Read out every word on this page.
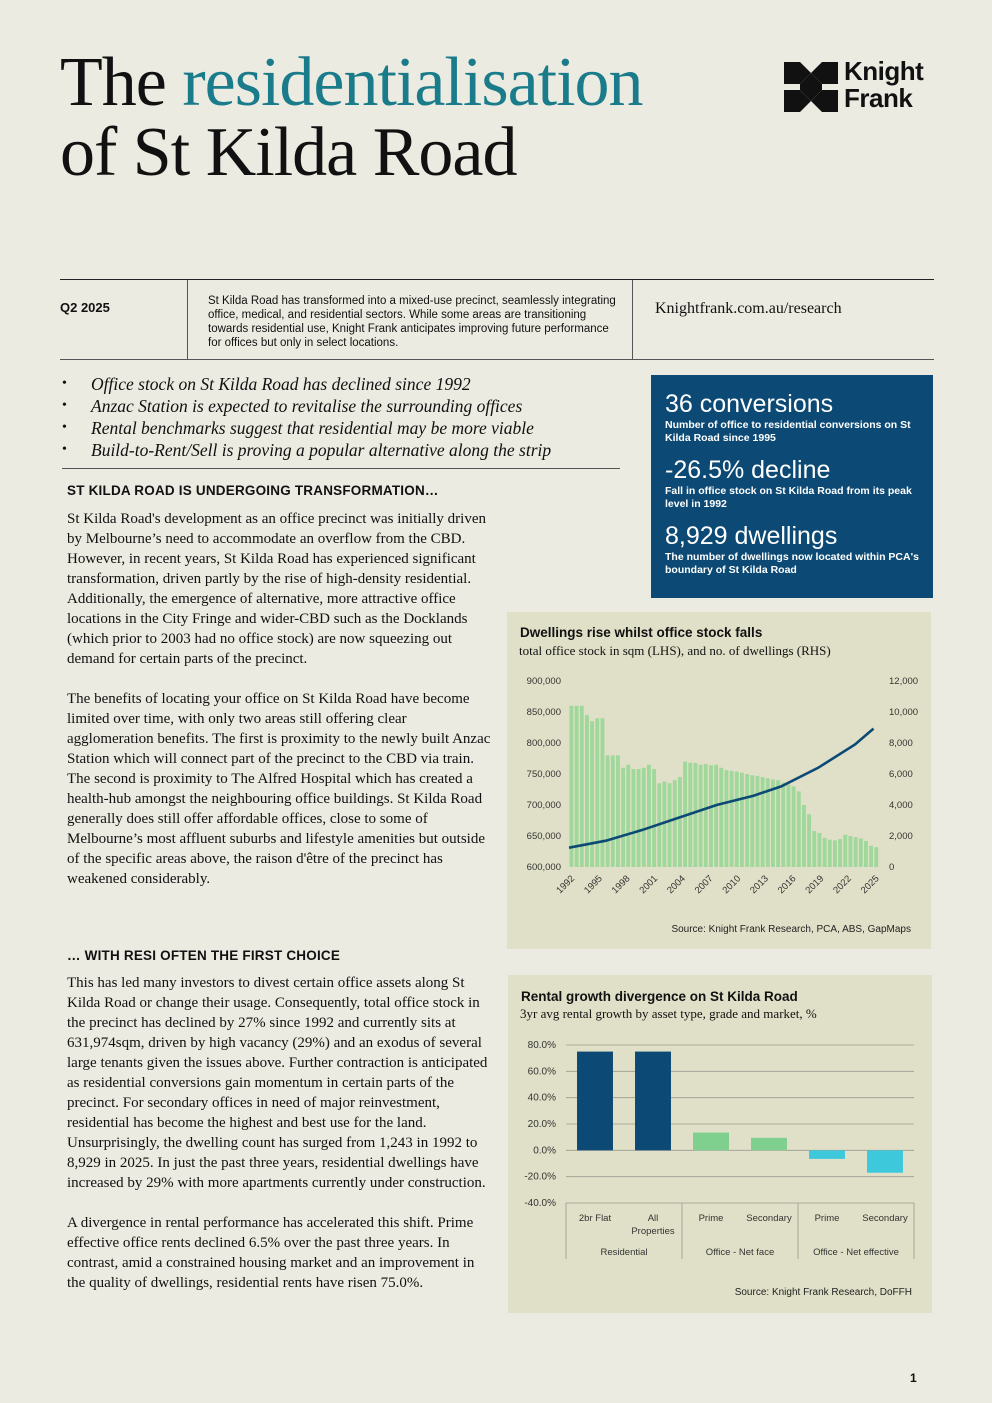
The residentialisation
of St Kilda Road
Knight
Frank
Q2 2025	St Kilda Road has transformed into a mixed-use precinct, seamlessly integrating office, medical, and residential sectors. While some areas are transitioning towards residential use, Knight Frank anticipates improving future performance for offices but only in select locations.
Knightfrank.com.au/research
• Office stock on St Kilda Road has declined since 1992
• Anzac Station is expected to revitalise the surrounding offices
• Rental benchmarks suggest that residential may be more viable
• Build-to-Rent/Sell is proving a popular alternative along the strip
ST KILDA ROAD IS UNDERGOING TRANSFORMATION…

St Kilda Road's development as an office precinct was initially driven by Melbourne’s need to accommodate an overflow from the CBD. However, in recent years, St Kilda Road has experienced significant transformation, driven partly by the rise of high-density residential. Additionally, the emergence of alternative, more attractive office locations in the City Fringe and wider-CBD such as the Docklands (which prior to 2003 had no office stock) are now squeezing out demand for certain parts of the precinct.

The benefits of locating your office on St Kilda Road have become limited over time, with only two areas still offering clear agglomeration benefits. The first is proximity to the newly built Anzac Station which will connect part of the precinct to the CBD via train. The second is proximity to The Alfred Hospital which has created a health-hub amongst the neighbouring office buildings. St Kilda Road generally does still offer affordable offices, close to some of Melbourne’s most affluent suburbs and lifestyle amenities but outside of the specific areas above, the raison d'être of the precinct has weakened considerably.

… WITH RESI OFTEN THE FIRST CHOICE

This has led many investors to divest certain office assets along St Kilda Road or change their usage. Consequently, total office stock in the precinct has declined by 27% since 1992 and currently sits at 631,974sqm, driven by high vacancy (29%) and an exodus of several large tenants given the issues above. Further contraction is anticipated as residential conversions gain momentum in certain parts of the precinct. For secondary offices in need of major reinvestment, residential has become the highest and best use for the land. Unsurprisingly, the dwelling count has surged from 1,243 in 1992 to 8,929 in 2025. In just the past three years, residential dwellings have increased by 29% with more apartments currently under construction.

A divergence in rental performance has accelerated this shift. Prime effective office rents declined 6.5% over the past three years. In contrast, amid a constrained housing market and an improvement in the quality of dwellings, residential rents have risen 75.0%.

36 conversions
Number of office to residential conversions on St Kilda Road since 1995
-26.5% decline
Fall in office stock on St Kilda Road from its peak level in 1992
8,929 dwellings
The number of dwellings now located within PCA's boundary of St Kilda Road
Dwellings rise whilst office stock falls
total office stock in sqm (LHS), and no. of dwellings (RHS)
600,000
650,000
700,000
750,000
800,000
850,000
900,000
0
2,000
4,000
6,000
8,000
10,000
12,000
1992 1995 1998 2001 2004 2007 2010 2013 2016 2019 2022 2025
Source: Knight Frank Research, PCA, ABS, GapMaps
Rental growth divergence on St Kilda Road
3yr avg rental growth by asset type, grade and market, %
80.0%
60.0%
40.0%
20.0%
0.0%
-20.0%
-40.0%
2br Flat	All
Properties
Prime Secondary Prime Secondary
Residential	Office - Net face	Office - Net effective
Source: Knight Frank Research, DoFFH
1
